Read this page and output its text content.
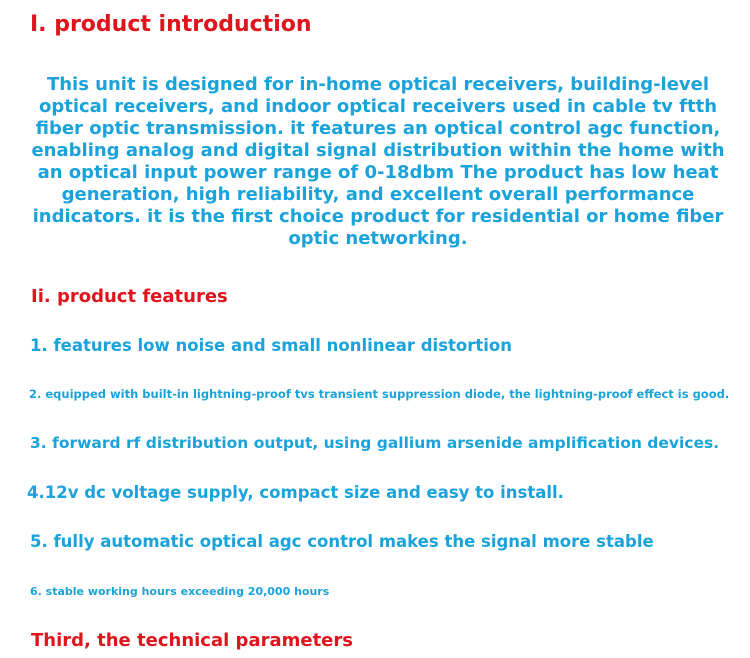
I. product introduction

This unit is designed for in-home optical receivers, building-level optical receivers, and indoor optical receivers used in cable tv ftth fiber optic transmission. it features an optical control agc function, enabling analog and digital signal distribution within the home with an optical input power range of 0-18dbm The product has low heat generation, high reliability, and excellent overall performance indicators. it is the first choice product for residential or home fiber optic networking.

Ii. product features

1. features low noise and small nonlinear distortion

2. equipped with built-in lightning-proof tvs transient suppression diode, the lightning-proof effect is good.

3. forward rf distribution output, using gallium arsenide amplification devices.

4.12v dc voltage supply, compact size and easy to install.

5. fully automatic optical agc control makes the signal more stable

6. stable working hours exceeding 20,000 hours

Third, the technical parameters
